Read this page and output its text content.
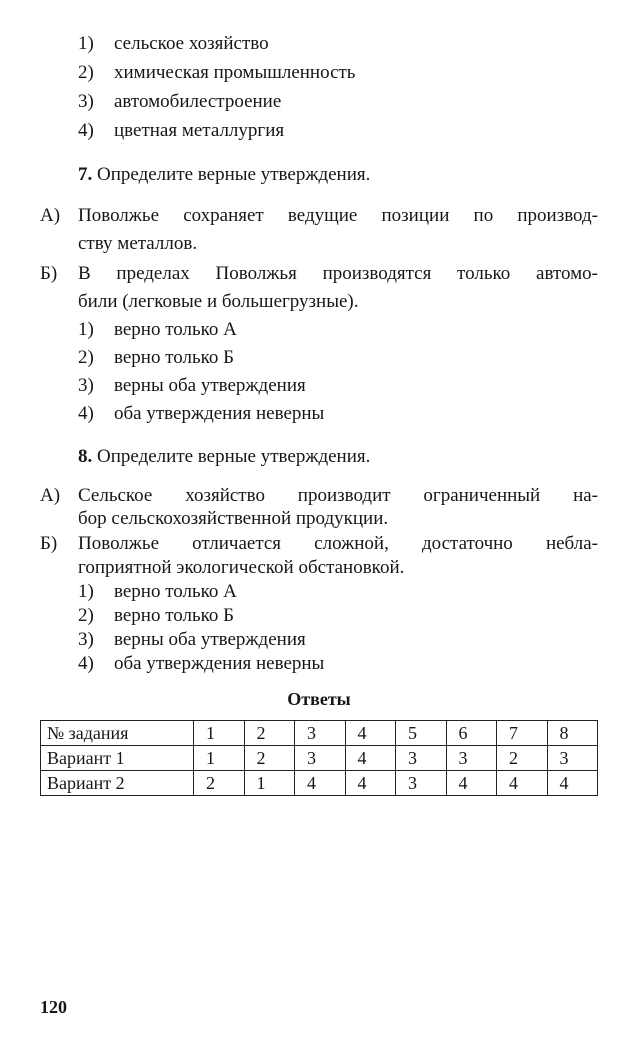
1) сельское хозяйство
2) химическая промышленность
3) автомобилестроение
4) цветная металлургия
7. Определите верные утверждения.
А) Поволжье сохраняет ведущие позиции по производ-
ству металлов.
Б) В пределах Поволжья производятся только автомо-
били (легковые и большегрузные).
1) верно только А
2) верно только Б
3) верны оба утверждения
4) оба утверждения неверны
8. Определите верные утверждения.
А) Сельское хозяйство производит ограниченный на-
бор сельскохозяйственной продукции.
Б) Поволжье отличается сложной, достаточно небла-
гоприятной экологической обстановкой.
1) верно только А
2) верно только Б
3) верны оба утверждения
4) оба утверждения неверны
Ответы
№ задания	1	2	3	4	5	6	7	8
Вариант 1	1	2	3	4	3	3	2	3
Вариант 2	2	1	4	4	3	4	4	4
120
